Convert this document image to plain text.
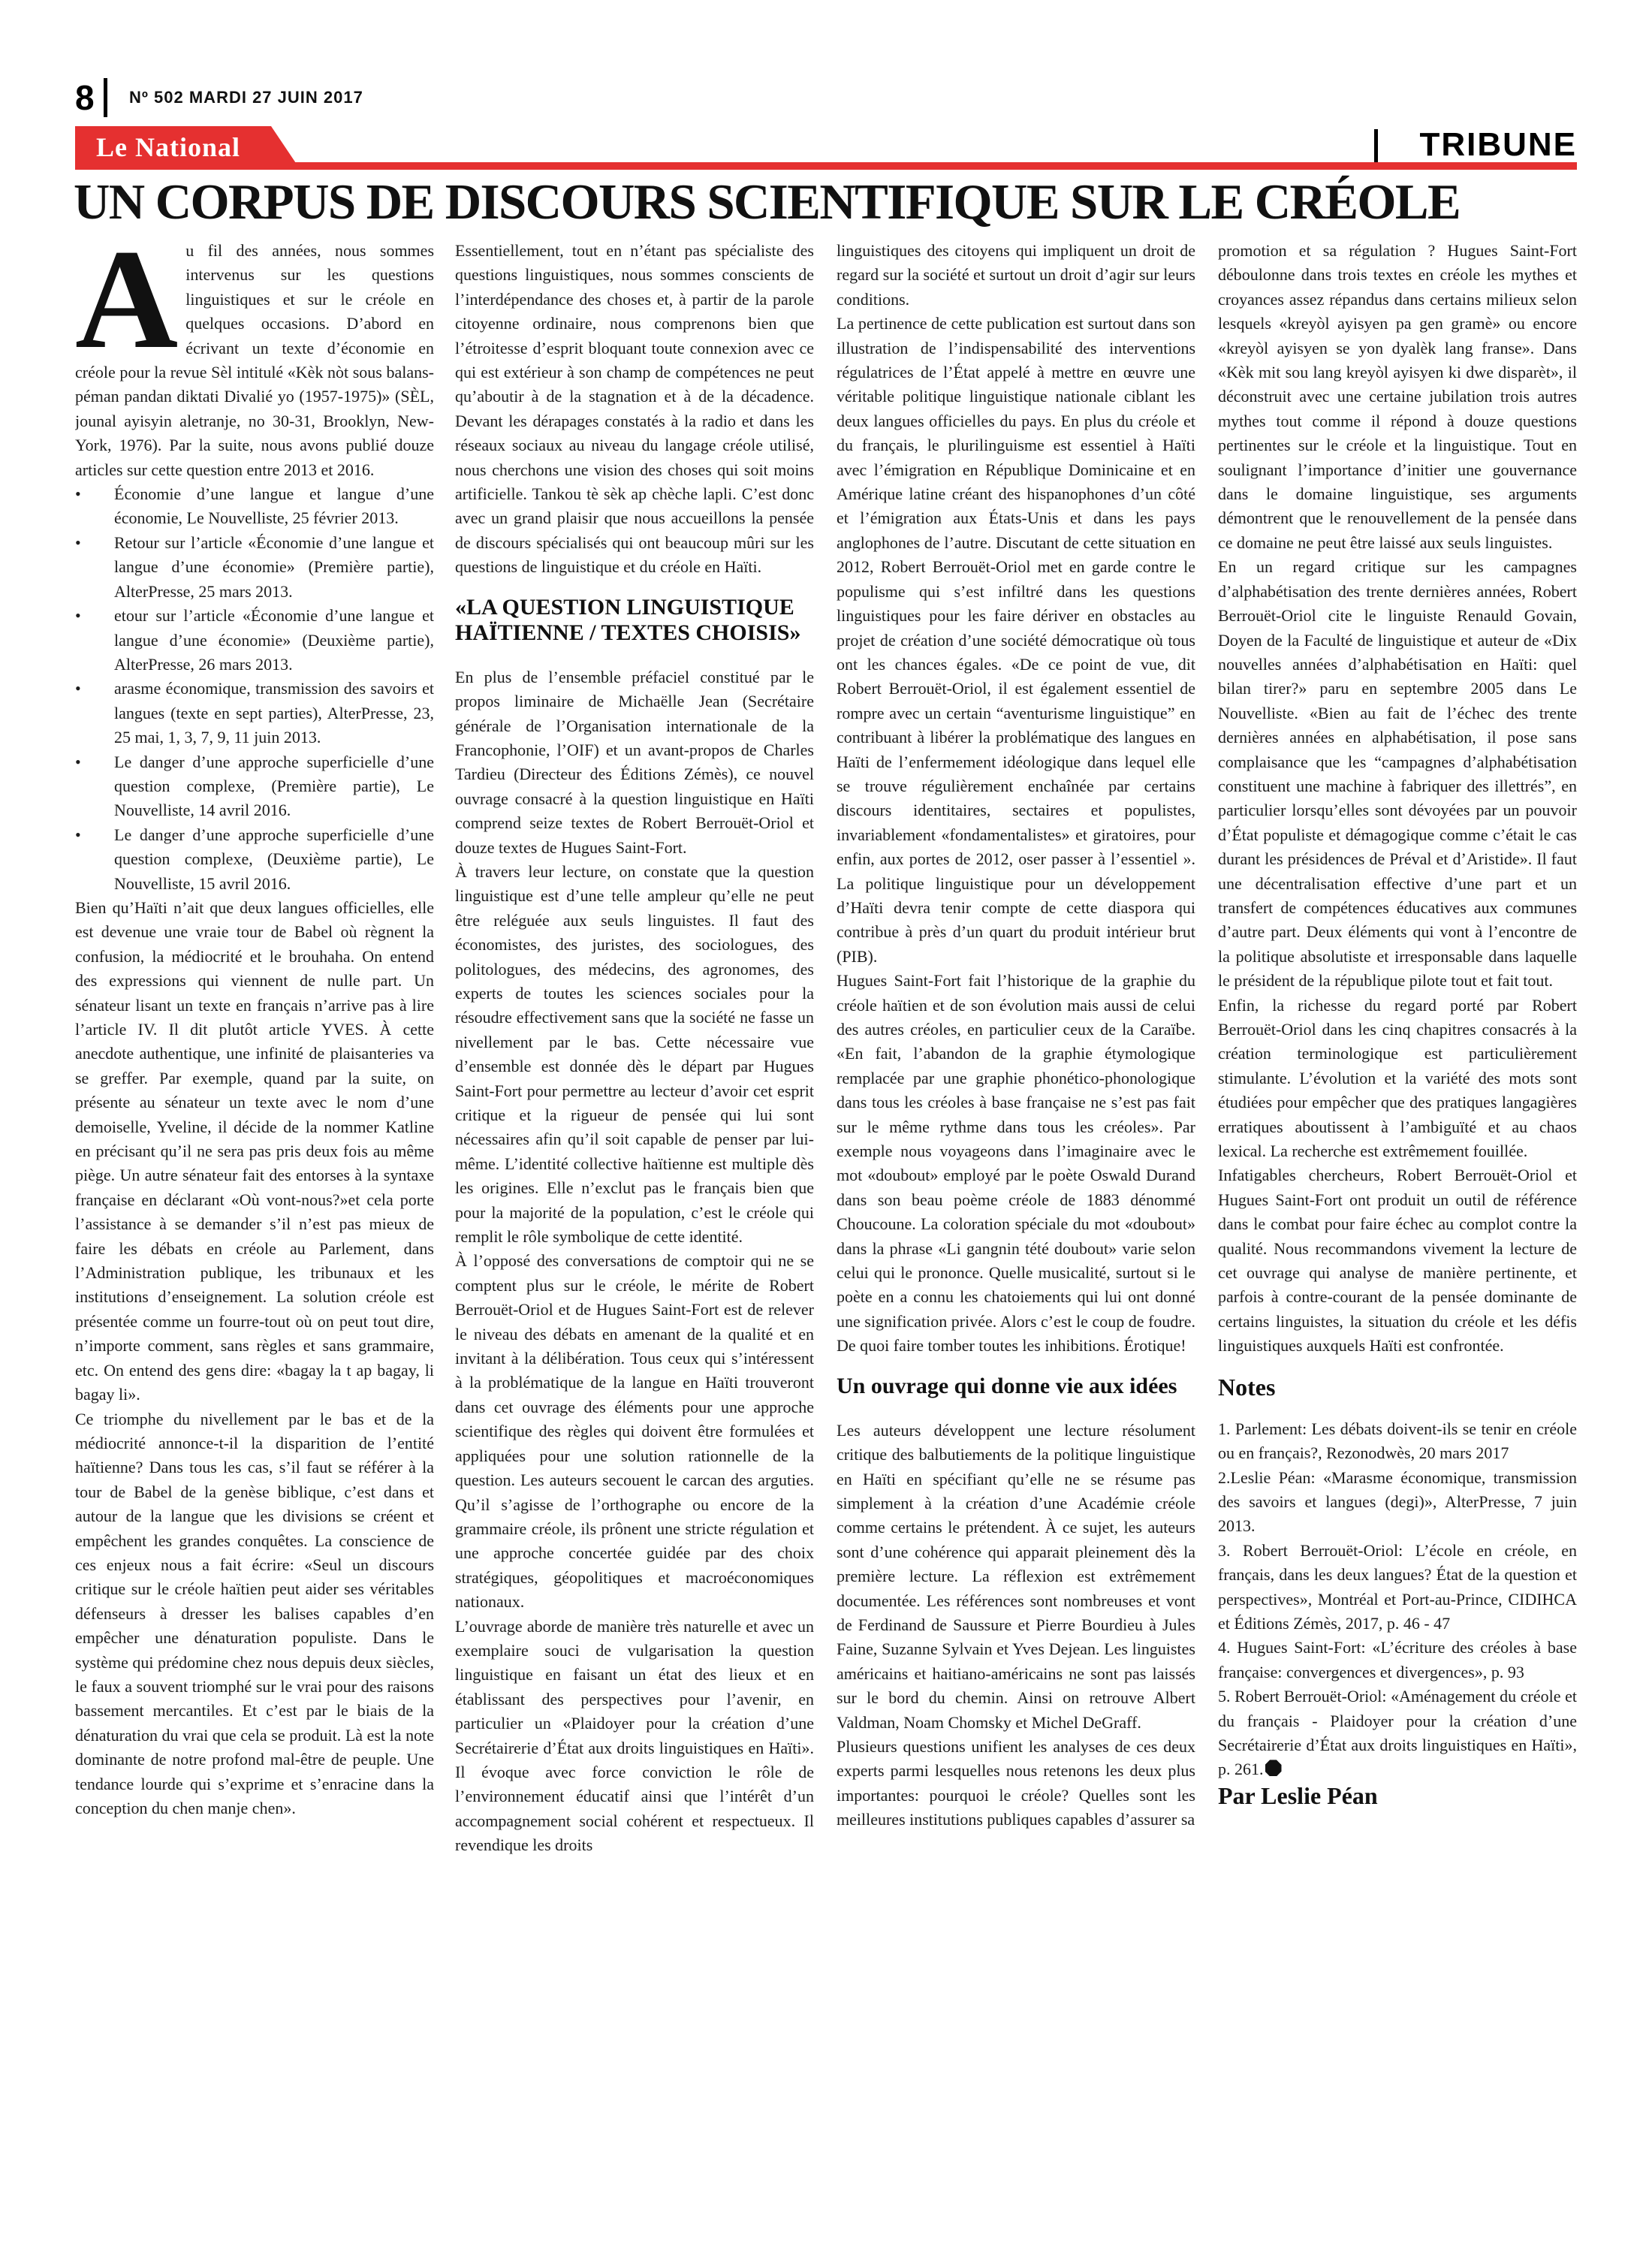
8 Nº 502 MARDI 27 JUIN 2017
Le National	TRIBUNE
UN CORPUS DE DISCOURS SCIENTIFIQUE SUR LE CRÉOLE

Au fil des années, nous sommes intervenus sur les questions linguistiques et sur le créole en quelques occasions. D’abord en écrivant un texte d’économie en créole pour la revue Sèl intitulé «Kèk nòt sous balans-péman pandan diktati Divalié yo (1957-1975)» (SÈL, jounal ayisyin aletranje, no 30-31, Brooklyn, New-York, 1976). Par la suite, nous avons publié douze articles sur cette question entre 2013 et 2016.

•	Économie d’une langue et langue d’une économie, Le Nouvelliste, 25 février 2013.
•	Retour sur l’article «Économie d’une langue et langue d’une économie» (Première partie), AlterPresse, 25 mars 2013.
•	etour sur l’article «Économie d’une langue et langue d’une économie» (Deuxième partie), AlterPresse, 26 mars 2013.
•	arasme économique, transmission des savoirs et langues (texte en sept parties), AlterPresse, 23, 25 mai, 1, 3, 7, 9, 11 juin 2013.
•	Le danger d’une approche superficielle d’une question complexe, (Première partie), Le Nouvelliste, 14 avril 2016.
•	Le danger d’une approche superficielle d’une question complexe, (Deuxième partie), Le Nouvelliste, 15 avril 2016.

Bien qu’Haïti n’ait que deux langues officielles, elle est devenue une vraie tour de Babel où règnent la confusion, la médiocrité et le brouhaha. On entend des expressions qui viennent de nulle part. Un sénateur lisant un texte en français n’arrive pas à lire l’article IV. Il dit plutôt article YVES. À cette anecdote authentique, une infinité de plaisanteries va se greffer. Par exemple, quand par la suite, on présente au sénateur un texte avec le nom d’une demoiselle, Yveline, il décide de la nommer Katline en précisant qu’il ne sera pas pris deux fois au même piège. Un autre sénateur fait des entorses à la syntaxe française en déclarant «Où vont-nous?»et cela porte l’assistance à se demander s’il n’est pas mieux de faire les débats en créole au Parlement, dans l’Administration publique, les tribunaux et les institutions d’enseignement. La solution créole est présentée comme un fourre-tout où on peut tout dire, n’importe comment, sans règles et sans grammaire, etc. On entend des gens dire: «bagay la t ap bagay, li bagay li».

Ce triomphe du nivellement par le bas et de la médiocrité annonce-t-il la disparition de l’entité haïtienne? Dans tous les cas, s’il faut se référer à la tour de Babel de la genèse biblique, c’est dans et autour de la langue que les divisions se créent et empêchent les grandes conquêtes. La conscience de ces enjeux nous a fait écrire: «Seul un discours critique sur le créole haïtien peut aider ses véritables défenseurs à dresser les balises capables d’en empêcher une dénaturation populiste. Dans le système qui prédomine chez nous depuis deux siècles, le faux a souvent triomphé sur le vrai pour des raisons bassement mercantiles. Et c’est par le biais de la dénaturation du vrai que cela se produit. Là est la note dominante de notre profond mal-être de peuple. Une tendance lourde qui s’exprime et s’enracine dans la conception du chen manje chen».

Essentiellement, tout en n’étant pas spécialiste des questions linguistiques, nous sommes conscients de l’interdépendance des choses et, à partir de la parole citoyenne ordinaire, nous comprenons bien que l’étroitesse d’esprit bloquant toute connexion avec ce qui est extérieur à son champ de compétences ne peut qu’aboutir à de la stagnation et à de la décadence. Devant les dérapages constatés à la radio et dans les réseaux sociaux au niveau du langage créole utilisé, nous cherchons une vision des choses qui soit moins artificielle. Tankou tè sèk ap chèche lapli. C’est donc avec un grand plaisir que nous accueillons la pensée de discours spécialisés qui ont beaucoup mûri sur les questions de linguistique et du créole en Haïti.

«LA QUESTION LINGUISTIQUE HAÏTIENNE / TEXTES CHOISIS»

En plus de l’ensemble préfaciel constitué par le propos liminaire de Michaëlle Jean (Secrétaire générale de l’Organisation internationale de la Francophonie, l’OIF) et un avant-propos de Charles Tardieu (Directeur des Éditions Zémès), ce nouvel ouvrage consacré à la question linguistique en Haïti comprend seize textes de Robert Berrouët-Oriol et douze textes de Hugues Saint-Fort.

À travers leur lecture, on constate que la question linguistique est d’une telle ampleur qu’elle ne peut être reléguée aux seuls linguistes. Il faut des économistes, des juristes, des sociologues, des politologues, des médecins, des agronomes, des experts de toutes les sciences sociales pour la résoudre effectivement sans que la société ne fasse un nivellement par le bas. Cette nécessaire vue d’ensemble est donnée dès le départ par Hugues Saint-Fort pour permettre au lecteur d’avoir cet esprit critique et la rigueur de pensée qui lui sont nécessaires afin qu’il soit capable de penser par lui-même. L’identité collective haïtienne est multiple dès les origines. Elle n’exclut pas le français bien que pour la majorité de la population, c’est le créole qui remplit le rôle symbolique de cette identité.

À l’opposé des conversations de comptoir qui ne se comptent plus sur le créole, le mérite de Robert Berrouët-Oriol et de Hugues Saint-Fort est de relever le niveau des débats en amenant de la qualité et en invitant à la délibération. Tous ceux qui s’intéressent à la problématique de la langue en Haïti trouveront dans cet ouvrage des éléments pour une approche scientifique des règles qui doivent être formulées et appliquées pour une solution rationnelle de la question. Les auteurs secouent le carcan des arguties. Qu’il s’agisse de l’orthographe ou encore de la grammaire créole, ils prônent une stricte régulation et une approche concertée guidée par des choix stratégiques, géopolitiques et macroéconomiques nationaux.

L’ouvrage aborde de manière très naturelle et avec un exemplaire souci de vulgarisation la question linguistique en faisant un état des lieux et en établissant des perspectives pour l’avenir, en particulier un «Plaidoyer pour la création d’une Secrétairerie d’État aux droits linguistiques en Haïti». Il évoque avec force conviction le rôle de l’environnement éducatif ainsi que l’intérêt d’un accompagnement social cohérent et respectueux. Il revendique les droits

linguistiques des citoyens qui impliquent un droit de regard sur la société et surtout un droit d’agir sur leurs conditions.

La pertinence de cette publication est surtout dans son illustration de l’indispensabilité des interventions régulatrices de l’État appelé à mettre en œuvre une véritable politique linguistique nationale ciblant les deux langues officielles du pays. En plus du créole et du français, le plurilinguisme est essentiel à Haïti avec l’émigration en République Dominicaine et en Amérique latine créant des hispanophones d’un côté et l’émigration aux États-Unis et dans les pays anglophones de l’autre. Discutant de cette situation en 2012, Robert Berrouët-Oriol met en garde contre le populisme qui s’est infiltré dans les questions linguistiques pour les faire dériver en obstacles au projet de création d’une société démocratique où tous ont les chances égales. «De ce point de vue, dit Robert Berrouët-Oriol, il est également essentiel de rompre avec un certain “aventurisme linguistique” en contribuant à libérer la problématique des langues en Haïti de l’enfermement idéologique dans lequel elle se trouve régulièrement enchaînée par certains discours identitaires, sectaires et populistes, invariablement «fondamentalistes» et giratoires, pour enfin, aux portes de 2012, oser passer à l’essentiel ». La politique linguistique pour un développement d’Haïti devra tenir compte de cette diaspora qui contribue à près d’un quart du produit intérieur brut (PIB).

Hugues Saint-Fort fait l’historique de la graphie du créole haïtien et de son évolution mais aussi de celui des autres créoles, en particulier ceux de la Caraïbe. «En fait, l’abandon de la graphie étymologique remplacée par une graphie phonético-phonologique dans tous les créoles à base française ne s’est pas fait sur le même rythme dans tous les créoles». Par exemple nous voyageons dans l’imaginaire avec le mot «doubout» employé par le poète Oswald Durand dans son beau poème créole de 1883 dénommé Choucoune. La coloration spéciale du mot «doubout» dans la phrase «Li gangnin tété doubout» varie selon celui qui le prononce. Quelle musicalité, surtout si le poète en a connu les chatoiements qui lui ont donné une signification privée. Alors c’est le coup de foudre. De quoi faire tomber toutes les inhibitions. Érotique!

Un ouvrage qui donne vie aux idées

Les auteurs développent une lecture résolument critique des balbutiements de la politique linguistique en Haïti en spécifiant qu’elle ne se résume pas simplement à la création d’une Académie créole comme certains le prétendent. À ce sujet, les auteurs sont d’une cohérence qui apparait pleinement dès la première lecture. La réflexion est extrêmement documentée. Les références sont nombreuses et vont de Ferdinand de Saussure et Pierre Bourdieu à Jules Faine, Suzanne Sylvain et Yves Dejean. Les linguistes américains et haitiano-américains ne sont pas laissés sur le bord du chemin. Ainsi on retrouve Albert Valdman, Noam Chomsky et Michel DeGraff.

Plusieurs questions unifient les analyses de ces deux experts parmi lesquelles nous retenons les deux plus importantes: pourquoi le créole? Quelles sont les meilleures institutions publiques capables d’assurer sa

promotion et sa régulation ? Hugues Saint-Fort déboulonne dans trois textes en créole les mythes et croyances assez répandus dans certains milieux selon lesquels «kreyòl ayisyen pa gen gramè» ou encore «kreyòl ayisyen se yon dyalèk lang franse». Dans «Kèk mit sou lang kreyòl ayisyen ki dwe disparèt», il déconstruit avec une certaine jubilation trois autres mythes tout comme il répond à douze questions pertinentes sur le créole et la linguistique. Tout en soulignant l’importance d’initier une gouvernance dans le domaine linguistique, ses arguments démontrent que le renouvellement de la pensée dans ce domaine ne peut être laissé aux seuls linguistes.

En un regard critique sur les campagnes d’alphabétisation des trente dernières années, Robert Berrouët-Oriol cite le linguiste Renauld Govain, Doyen de la Faculté de linguistique et auteur de «Dix nouvelles années d’alphabétisation en Haïti: quel bilan tirer?» paru en septembre 2005 dans Le Nouvelliste. «Bien au fait de l’échec des trente dernières années en alphabétisation, il pose sans complaisance que les “campagnes d’alphabétisation constituent une machine à fabriquer des illettrés”, en particulier lorsqu’elles sont dévoyées par un pouvoir d’État populiste et démagogique comme c’était le cas durant les présidences de Préval et d’Aristide». Il faut une décentralisation effective d’une part et un transfert de compétences éducatives aux communes d’autre part. Deux éléments qui vont à l’encontre de la politique absolutiste et irresponsable dans laquelle le président de la république pilote tout et fait tout.

Enfin, la richesse du regard porté par Robert Berrouët-Oriol dans les cinq chapitres consacrés à la création terminologique est particulièrement stimulante. L’évolution et la variété des mots sont étudiées pour empêcher que des pratiques langagières erratiques aboutissent à l’ambiguïté et au chaos lexical. La recherche est extrêmement fouillée.

Infatigables chercheurs, Robert Berrouët-Oriol et Hugues Saint-Fort ont produit un outil de référence dans le combat pour faire échec au complot contre la qualité. Nous recommandons vivement la lecture de cet ouvrage qui analyse de manière pertinente, et parfois à contre-courant de la pensée dominante de certains linguistes, la situation du créole et les défis linguistiques auxquels Haïti est confrontée.

Notes

1. Parlement: Les débats doivent-ils se tenir en créole ou en français?, Rezonodwès, 20 mars 2017

2.Leslie Péan: «Marasme économique, transmission des savoirs et langues (degi)», AlterPresse, 7 juin 2013.

3. Robert Berrouët-Oriol: L’école en créole, en français, dans les deux langues? État de la question et perspectives», Montréal et Port-au-Prince, CIDIHCA et Éditions Zémès, 2017, p. 46 - 47

4. Hugues Saint-Fort: «L’écriture des créoles à base française: convergences et divergences», p. 93

5. Robert Berrouët-Oriol: «Aménagement du créole et du français - Plaidoyer pour la création d’une Secrétairerie d’État aux droits linguistiques en Haïti», p. 261.

Par Leslie Péan
